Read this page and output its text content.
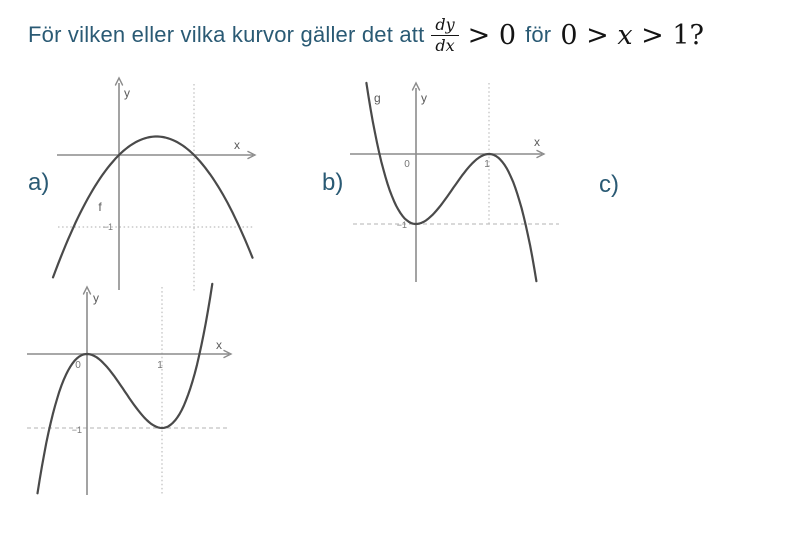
För vilken eller vilka kurvor gäller det att $\frac{dy}{dx} > 0$ för 0 > x > 1?
a)	b)	c)
y
x
f
−1
g	y
x
0	1
−1
y
x
0	1
−1
